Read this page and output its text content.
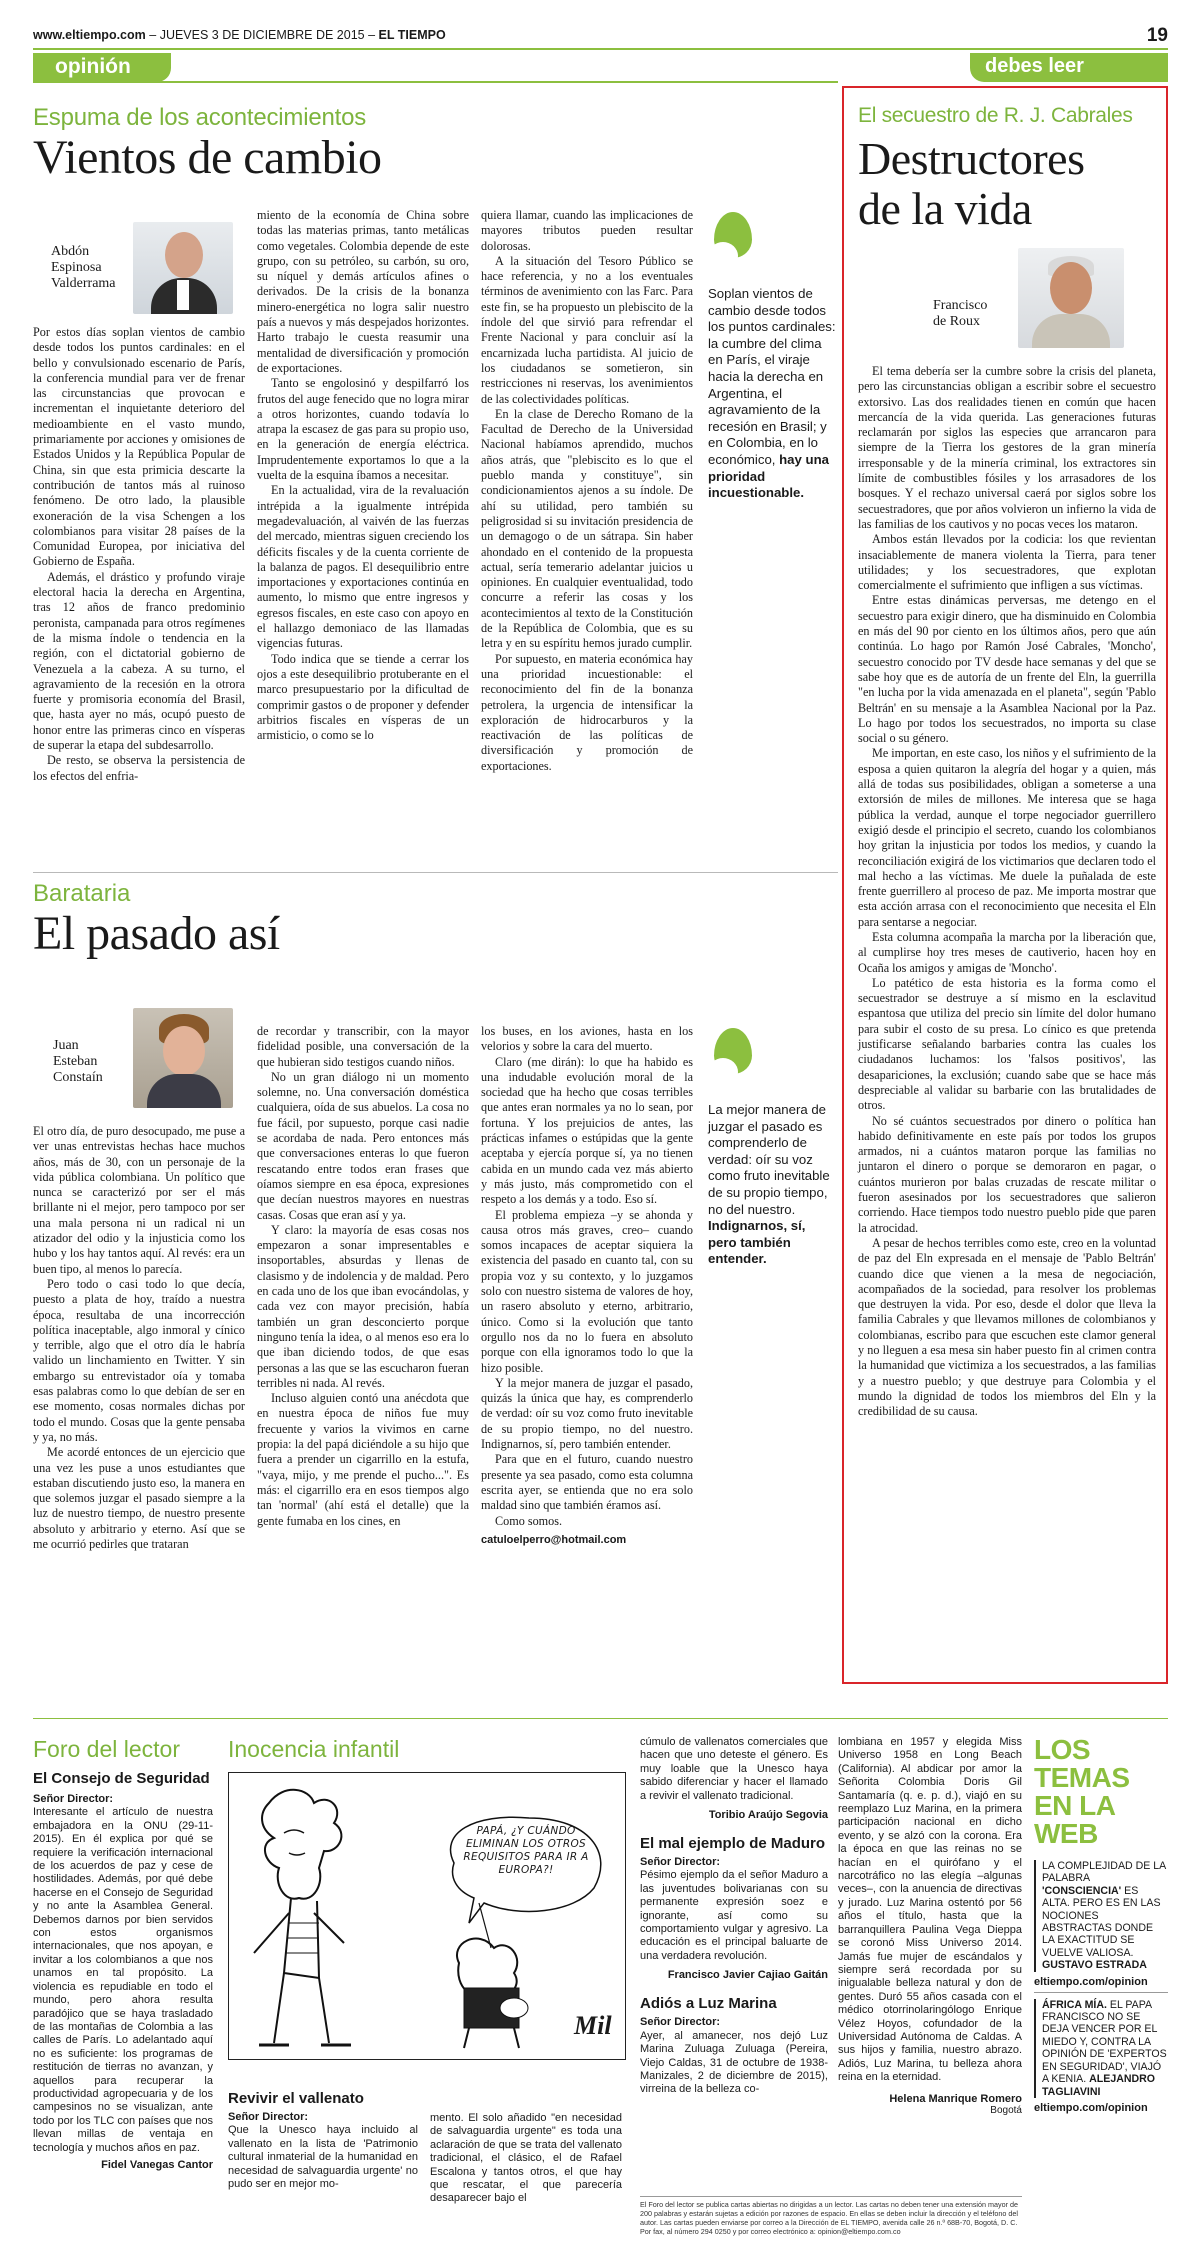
www.eltiempo.com – JUEVES 3 DE DICIEMBRE DE 2015 – EL TIEMPO	19
opinión	debes leer
Espuma de los acontecimientos
Vientos de cambio
Abdón
Espinosa
Valderrama

Por estos días soplan vientos de cambio desde todos los puntos cardinales: en el bello y convulsionado escenario de París, la conferencia mundial para ver de frenar las circunstancias que provocan e incrementan el inquietante deterioro del medioambiente en el vasto mundo, primariamente por acciones y omisiones de Estados Unidos y la República Popular de China, sin que esta primicia descarte la contribución de tantos más al ruinoso fenómeno. De otro lado, la plausible exoneración de la visa Schengen a los colombianos para visitar 28 países de la Comunidad Europea, por iniciativa del Gobierno de España.

Además, el drástico y profundo viraje electoral hacia la derecha en Argentina, tras 12 años de franco predominio peronista, campanada para otros regímenes de la misma índole o tendencia en la región, con el dictatorial gobierno de Venezuela a la cabeza. A su turno, el agravamiento de la recesión en la otrora fuerte y promisoria economía del Brasil, que, hasta ayer no más, ocupó puesto de honor entre las primeras cinco en vísperas de superar la etapa del subdesarrollo.

De resto, se observa la persistencia de los efectos del enfria-

miento de la economía de China sobre todas las materias primas, tanto metálicas como vegetales. Colombia depende de este grupo, con su petróleo, su carbón, su oro, su níquel y demás artículos afines o derivados. De la crisis de la bonanza minero-energética no logra salir nuestro país a nuevos y más despejados horizontes. Harto trabajo le cuesta reasumir una mentalidad de diversificación y promoción de exportaciones.

Tanto se engolosinó y despilfarró los frutos del auge fenecido que no logra mirar a otros horizontes, cuando todavía lo atrapa la escasez de gas para su propio uso, en la generación de energía eléctrica. Imprudentemente exportamos lo que a la vuelta de la esquina íbamos a necesitar.

En la actualidad, vira de la revaluación intrépida a la igualmente intrépida megadevaluación, al vaivén de las fuerzas del mercado, mientras siguen creciendo los déficits fiscales y de la cuenta corriente de la balanza de pagos. El desequilibrio entre importaciones y exportaciones continúa en aumento, lo mismo que entre ingresos y egresos fiscales, en este caso con apoyo en el hallazgo demoniaco de las llamadas vigencias futuras.

Todo indica que se tiende a cerrar los ojos a este desequilibrio protuberante en el marco presupuestario por la dificultad de comprimir gastos o de proponer y defender arbitrios fiscales en vísperas de un armisticio, o como se lo

quiera llamar, cuando las implicaciones de mayores tributos pueden resultar dolorosas.

A la situación del Tesoro Público se hace referencia, y no a los eventuales términos de avenimiento con las Farc. Para este fin, se ha propuesto un plebiscito de la índole del que sirvió para refrendar el Frente Nacional y para concluir así la encarnizada lucha partidista. Al juicio de los ciudadanos se sometieron, sin restricciones ni reservas, los avenimientos de las colectividades políticas.

En la clase de Derecho Romano de la Facultad de Derecho de la Universidad Nacional habíamos aprendido, muchos años atrás, que "plebiscito es lo que el pueblo manda y constituye", sin condicionamientos ajenos a su índole. De ahí su utilidad, pero también su peligrosidad si su invitación presidencia de un demagogo o de un sátrapa. Sin haber ahondado en el contenido de la propuesta actual, sería temerario adelantar juicios u opiniones. En cualquier eventualidad, todo concurre a referir las cosas y los acontecimientos al texto de la Constitución de la República de Colombia, que es su letra y en su espíritu hemos jurado cumplir.

Por supuesto, en materia económica hay una prioridad incuestionable: el reconocimiento del fin de la bonanza petrolera, la urgencia de intensificar la exploración de hidrocarburos y la reactivación de las políticas de diversificación y promoción de exportaciones.

Soplan vientos de cambio desde todos los puntos cardinales: la cumbre del clima en París, el viraje hacia la derecha en Argentina, el agravamiento de la recesión en Brasil; y en Colombia, en lo económico, hay una prioridad incuestionable.
Barataria
El pasado así
Juan
Esteban
Constaín

El otro día, de puro desocupado, me puse a ver unas entrevistas hechas hace muchos años, más de 30, con un personaje de la vida pública colombiana. Un político que nunca se caracterizó por ser el más brillante ni el mejor, pero tampoco por ser una mala persona ni un radical ni un atizador del odio y la injusticia como los hubo y los hay tantos aquí. Al revés: era un buen tipo, al menos lo parecía.

Pero todo o casi todo lo que decía, puesto a plata de hoy, traído a nuestra época, resultaba de una incorrección política inaceptable, algo inmoral y cínico y terrible, algo que el otro día le habría valido un linchamiento en Twitter. Y sin embargo su entrevistador oía y tomaba esas palabras como lo que debían de ser en ese momento, cosas normales dichas por todo el mundo. Cosas que la gente pensaba y ya, no más.

Me acordé entonces de un ejercicio que una vez les puse a unos estudiantes que estaban discutiendo justo eso, la manera en que solemos juzgar el pasado siempre a la luz de nuestro tiempo, de nuestro presente absoluto y arbitrario y eterno. Así que se me ocurrió pedirles que trataran

de recordar y transcribir, con la mayor fidelidad posible, una conversación de la que hubieran sido testigos cuando niños.

No un gran diálogo ni un momento solemne, no. Una conversación doméstica cualquiera, oída de sus abuelos. La cosa no fue fácil, por supuesto, porque casi nadie se acordaba de nada. Pero entonces más que conversaciones enteras lo que fueron rescatando entre todos eran frases que oíamos siempre en esa época, expresiones que decían nuestros mayores en nuestras casas. Cosas que eran así y ya.

Y claro: la mayoría de esas cosas nos empezaron a sonar impresentables e insoportables, absurdas y llenas de clasismo y de indolencia y de maldad. Pero en cada uno de los que iban evocándolas, y cada vez con mayor precisión, había también un gran desconcierto porque ninguno tenía la idea, o al menos eso era lo que iban diciendo todos, de que esas personas a las que se las escucharon fueran terribles ni nada. Al revés.

Incluso alguien contó una anécdota que en nuestra época de niños fue muy frecuente y varios la vivimos en carne propia: la del papá diciéndole a su hijo que fuera a prender un cigarrillo en la estufa, "vaya, mijo, y me prende el pucho...". Es más: el cigarrillo era en esos tiempos algo tan 'normal' (ahí está el detalle) que la gente fumaba en los cines, en

los buses, en los aviones, hasta en los velorios y sobre la cara del muerto.

Claro (me dirán): lo que ha habido es una indudable evolución moral de la sociedad que ha hecho que cosas terribles que antes eran normales ya no lo sean, por fortuna. Y los prejuicios de antes, las prácticas infames o estúpidas que la gente aceptaba y ejercía porque sí, ya no tienen cabida en un mundo cada vez más abierto y más justo, más comprometido con el respeto a los demás y a todo. Eso sí.

El problema empieza –y se ahonda y causa otros más graves, creo– cuando somos incapaces de aceptar siquiera la existencia del pasado en cuanto tal, con su propia voz y su contexto, y lo juzgamos solo con nuestro sistema de valores de hoy, un rasero absoluto y eterno, arbitrario, único. Como si la evolución que tanto orgullo nos da no lo fuera en absoluto porque con ella ignoramos todo lo que la hizo posible.

Y la mejor manera de juzgar el pasado, quizás la única que hay, es comprenderlo de verdad: oír su voz como fruto inevitable de su propio tiempo, no del nuestro. Indignarnos, sí, pero también entender.

Para que en el futuro, cuando nuestro presente ya sea pasado, como esta columna escrita ayer, se entienda que no era solo maldad sino que también éramos así.

Como somos.

catuloelperro@hotmail.com

La mejor manera de juzgar el pasado es comprenderlo de verdad: oír su voz como fruto inevitable de su propio tiempo, no del nuestro. Indignarnos, sí, pero también entender.
El secuestro de R. J. Cabrales
Destructores
de la vida
Francisco
de Roux

El tema debería ser la cumbre sobre la crisis del planeta, pero las circunstancias obligan a escribir sobre el secuestro extorsivo. Las dos realidades tienen en común que hacen mercancía de la vida querida. Las generaciones futuras reclamarán por siglos las especies que arrancaron para siempre de la Tierra los gestores de la gran minería irresponsable y de la minería criminal, los extractores sin límite de combustibles fósiles y los arrasadores de los bosques. Y el rechazo universal caerá por siglos sobre los secuestradores, que por años volvieron un infierno la vida de las familias de los cautivos y no pocas veces los mataron.

Ambos están llevados por la codicia: los que revientan insaciablemente de manera violenta la Tierra, para tener utilidades; y los secuestradores, que explotan comercialmente el sufrimiento que infligen a sus víctimas.

Entre estas dinámicas perversas, me detengo en el secuestro para exigir dinero, que ha disminuido en Colombia en más del 90 por ciento en los últimos años, pero que aún continúa. Lo hago por Ramón José Cabrales, 'Moncho', secuestro conocido por TV desde hace semanas y del que se sabe hoy que es de autoría de un frente del Eln, la guerrilla "en lucha por la vida amenazada en el planeta", según 'Pablo Beltrán' en su mensaje a la Asamblea Nacional por la Paz. Lo hago por todos los secuestrados, no importa su clase social o su género.

Me importan, en este caso, los niños y el sufrimiento de la esposa a quien quitaron la alegría del hogar y a quien, más allá de todas sus posibilidades, obligan a someterse a una extorsión de miles de millones. Me interesa que se haga pública la verdad, aunque el torpe negociador guerrillero exigió desde el principio el secreto, cuando los colombianos hoy gritan la injusticia por todos los medios, y cuando la reconciliación exigirá de los victimarios que declaren todo el mal hecho a las víctimas. Me duele la puñalada de este frente guerrillero al proceso de paz. Me importa mostrar que esta acción arrasa con el reconocimiento que necesita el Eln para sentarse a negociar.

Esta columna acompaña la marcha por la liberación que, al cumplirse hoy tres meses de cautiverio, hacen hoy en Ocaña los amigos y amigas de 'Moncho'.

Lo patético de esta historia es la forma como el secuestrador se destruye a sí mismo en la esclavitud espantosa que utiliza del precio sin límite del dolor humano para subir el costo de su presa. Lo cínico es que pretenda justificarse señalando barbaries contra las cuales los ciudadanos luchamos: los 'falsos positivos', las desapariciones, la exclusión; cuando sabe que se hace más despreciable al validar su barbarie con las brutalidades de otros.

No sé cuántos secuestrados por dinero o política han habido definitivamente en este país por todos los grupos armados, ni a cuántos mataron porque las familias no juntaron el dinero o porque se demoraron en pagar, o cuántos murieron por balas cruzadas de rescate militar o fueron asesinados por los secuestradores que salieron corriendo. Hace tiempos todo nuestro pueblo pide que paren la atrocidad.

A pesar de hechos terribles como este, creo en la voluntad de paz del Eln expresada en el mensaje de 'Pablo Beltrán' cuando dice que vienen a la mesa de negociación, acompañados de la sociedad, para resolver los problemas que destruyen la vida. Por eso, desde el dolor que lleva la familia Cabrales y que llevamos millones de colombianos y colombianas, escribo para que escuchen este clamor general y no lleguen a esa mesa sin haber puesto fin al crimen contra la humanidad que victimiza a los secuestrados, a las familias y a nuestro pueblo; y que destruye para Colombia y el mundo la dignidad de todos los miembros del Eln y la credibilidad de su causa.

Foro del lector
El Consejo de Seguridad
Señor Director:
Interesante el artículo de nuestra embajadora en la ONU (29-11-2015). En él explica por qué se requiere la verificación internacional de los acuerdos de paz y cese de hostilidades. Además, por qué debe hacerse en el Consejo de Seguridad y no ante la Asamblea General. Debemos darnos por bien servidos con estos organismos internacionales, que nos apoyan, e invitar a los colombianos a que nos unamos en tal propósito. La violencia es repudiable en todo el mundo, pero ahora resulta paradójico que se haya trasladado de las montañas de Colombia a las calles de París. Lo adelantado aquí no es suficiente: los programas de restitución de tierras no avanzan, y aquellos para recuperar la productividad agropecuaria y de los campesinos no se visualizan, ante todo por los TLC con países que nos llevan millas de ventaja en tecnología y muchos años en paz.
Fidel Vanegas Cantor
Inocencia infantil
PAPÁ, ¿Y CUÁNDO ELIMINAN LOS OTROS REQUISITOS PARA IR A EUROPA?!
Mil
Revivir el vallenato
Señor Director:
Que la Unesco haya incluido al vallenato en la lista de 'Patrimonio cultural inmaterial de la humanidad en necesidad de salvaguardia urgente' no pudo ser en mejor mo-
mento. El solo añadido "en necesidad de salvaguardia urgente" es toda una aclaración de que se trata del vallenato tradicional, el clásico, el de Rafael Escalona y tantos otros, el que hay que rescatar, el que parecería desaparecer bajo el
cúmulo de vallenatos comerciales que hacen que uno deteste el género. Es muy loable que la Unesco haya sabido diferenciar y hacer el llamado a revivir el vallenato tradicional.
Toribio Araújo Segovia
El mal ejemplo de Maduro
Señor Director:
Pésimo ejemplo da el señor Maduro a las juventudes bolivarianas con su permanente expresión soez e ignorante, así como su comportamiento vulgar y agresivo. La educación es el principal baluarte de una verdadera revolución.
Francisco Javier Cajiao Gaitán
Adiós a Luz Marina
Señor Director:
Ayer, al amanecer, nos dejó Luz Marina Zuluaga Zuluaga (Pereira, Viejo Caldas, 31 de octubre de 1938-Manizales, 2 de diciembre de 2015), virreina de la belleza co-
lombiana en 1957 y elegida Miss Universo 1958 en Long Beach (California). Al abdicar por amor la Señorita Colombia Doris Gil Santamaría (q. e. p. d.), viajó en su reemplazo Luz Marina, en la primera participación nacional en dicho evento, y se alzó con la corona. Era la época en que las reinas no se hacían en el quirófano y el narcotráfico no las elegía –algunas veces–, con la anuencia de directivas y jurado. Luz Marina ostentó por 56 años el título, hasta que la barranquillera Paulina Vega Dieppa se coronó Miss Universo 2014. Jamás fue mujer de escándalos y siempre será recordada por su inigualable belleza natural y don de gentes. Duró 55 años casada con el médico otorrinolaringólogo Enrique Vélez Hoyos, cofundador de la Universidad Autónoma de Caldas. A sus hijos y familia, nuestro abrazo. Adiós, Luz Marina, tu belleza ahora reina en la eternidad.
Helena Manrique Romero
Bogotá
El Foro del lector se publica cartas abiertas no dirigidas a un lector. Las cartas no deben tener una extensión mayor de 200 palabras y estarán sujetas a edición por razones de espacio. En ellas se deben incluir la dirección y el teléfono del autor. Las cartas pueden enviarse por correo a la Dirección de EL TIEMPO, avenida calle 26 n.º 68B-70, Bogotá, D. C. Por fax, al número 294 0250 y por correo electrónico a: opinion@eltiempo.com.co
LOS
TEMAS
EN LA
WEB
LA COMPLEJIDAD DE LA PALABRA 'CONSCIENCIA' ES ALTA. PERO ES EN LAS NOCIONES ABSTRACTAS DONDE LA EXACTITUD SE VUELVE VALIOSA. GUSTAVO ESTRADA
eltiempo.com/opinion
ÁFRICA MÍA. EL PAPA FRANCISCO NO SE DEJA VENCER POR EL MIEDO Y, CONTRA LA OPINIÓN DE 'EXPERTOS EN SEGURIDAD', VIAJÓ A KENIA. ALEJANDRO TAGLIAVINI
eltiempo.com/opinion
